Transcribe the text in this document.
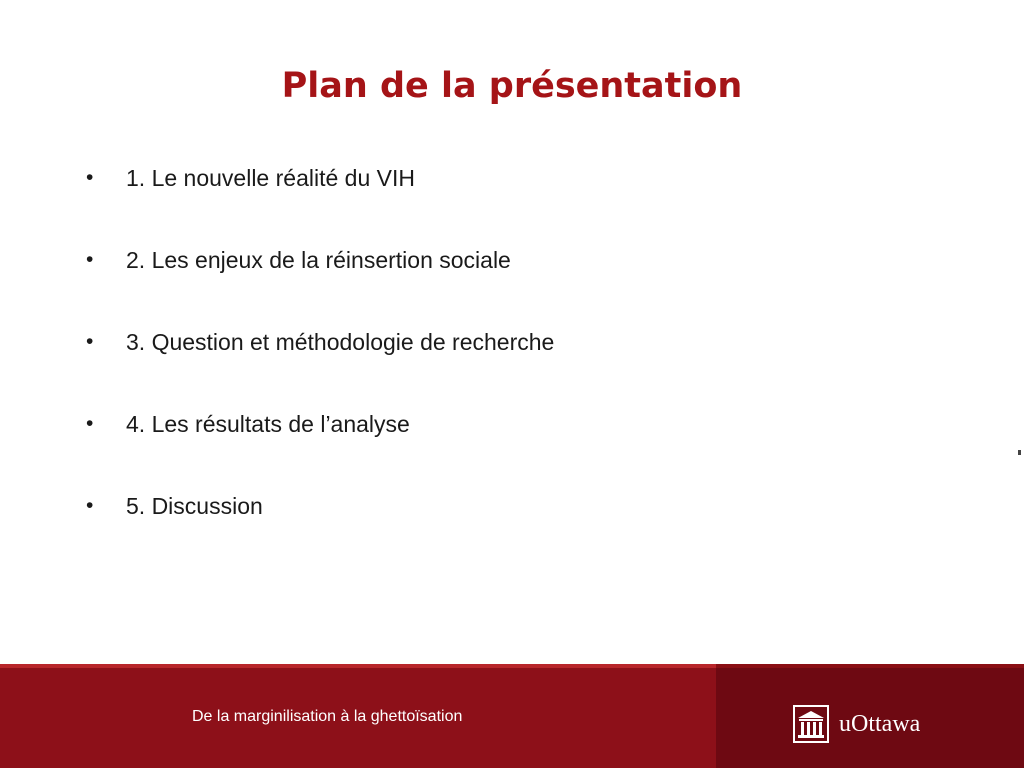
Plan de la présentation
•	1. Le nouvelle réalité du VIH
•	2. Les enjeux de la réinsertion sociale
•	3. Question et méthodologie de recherche
•	4. Les résultats de l’analyse
•	5. Discussion
De la marginilisation à la ghettoïsation	uOttawa
